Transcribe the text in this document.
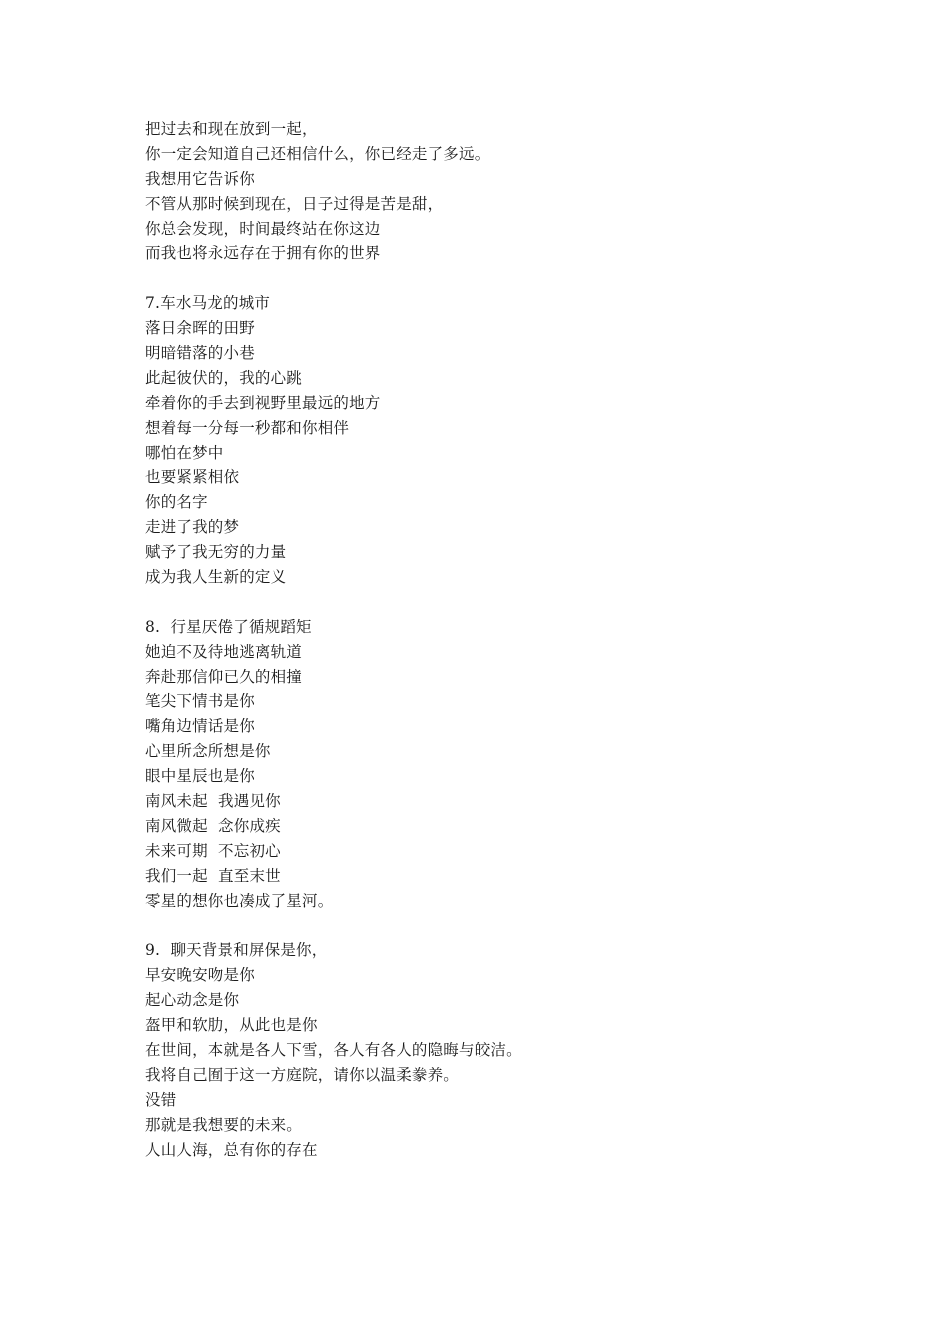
把过去和现在放到一起，
你一定会知道自己还相信什么，你已经走了多远。
我想用它告诉你
不管从那时候到现在，日子过得是苦是甜，
你总会发现，时间最终站在你这边
而我也将永远存在于拥有你的世界
7.车水马龙的城市
落日余晖的田野
明暗错落的小巷
此起彼伏的，我的心跳
牵着你的手去到视野里最远的地方
想着每一分每一秒都和你相伴
哪怕在梦中
也要紧紧相依
你的名字
走进了我的梦
赋予了我无穷的力量
成为我人生新的定义
8.  行星厌倦了循规蹈矩
她迫不及待地逃离轨道
奔赴那信仰已久的相撞
笔尖下情书是你
嘴角边情话是你
心里所念所想是你
眼中星辰也是你
南风未起  我遇见你
南风微起  念你成疾
未来可期  不忘初心
我们一起  直至末世
零星的想你也凑成了星河。
9.  聊天背景和屏保是你，
早安晚安吻是你
起心动念是你
盔甲和软肋，从此也是你
在世间，本就是各人下雪，各人有各人的隐晦与皎洁。
我将自己囿于这一方庭院，请你以温柔豢养。
没错
那就是我想要的未来。
人山人海，总有你的存在
